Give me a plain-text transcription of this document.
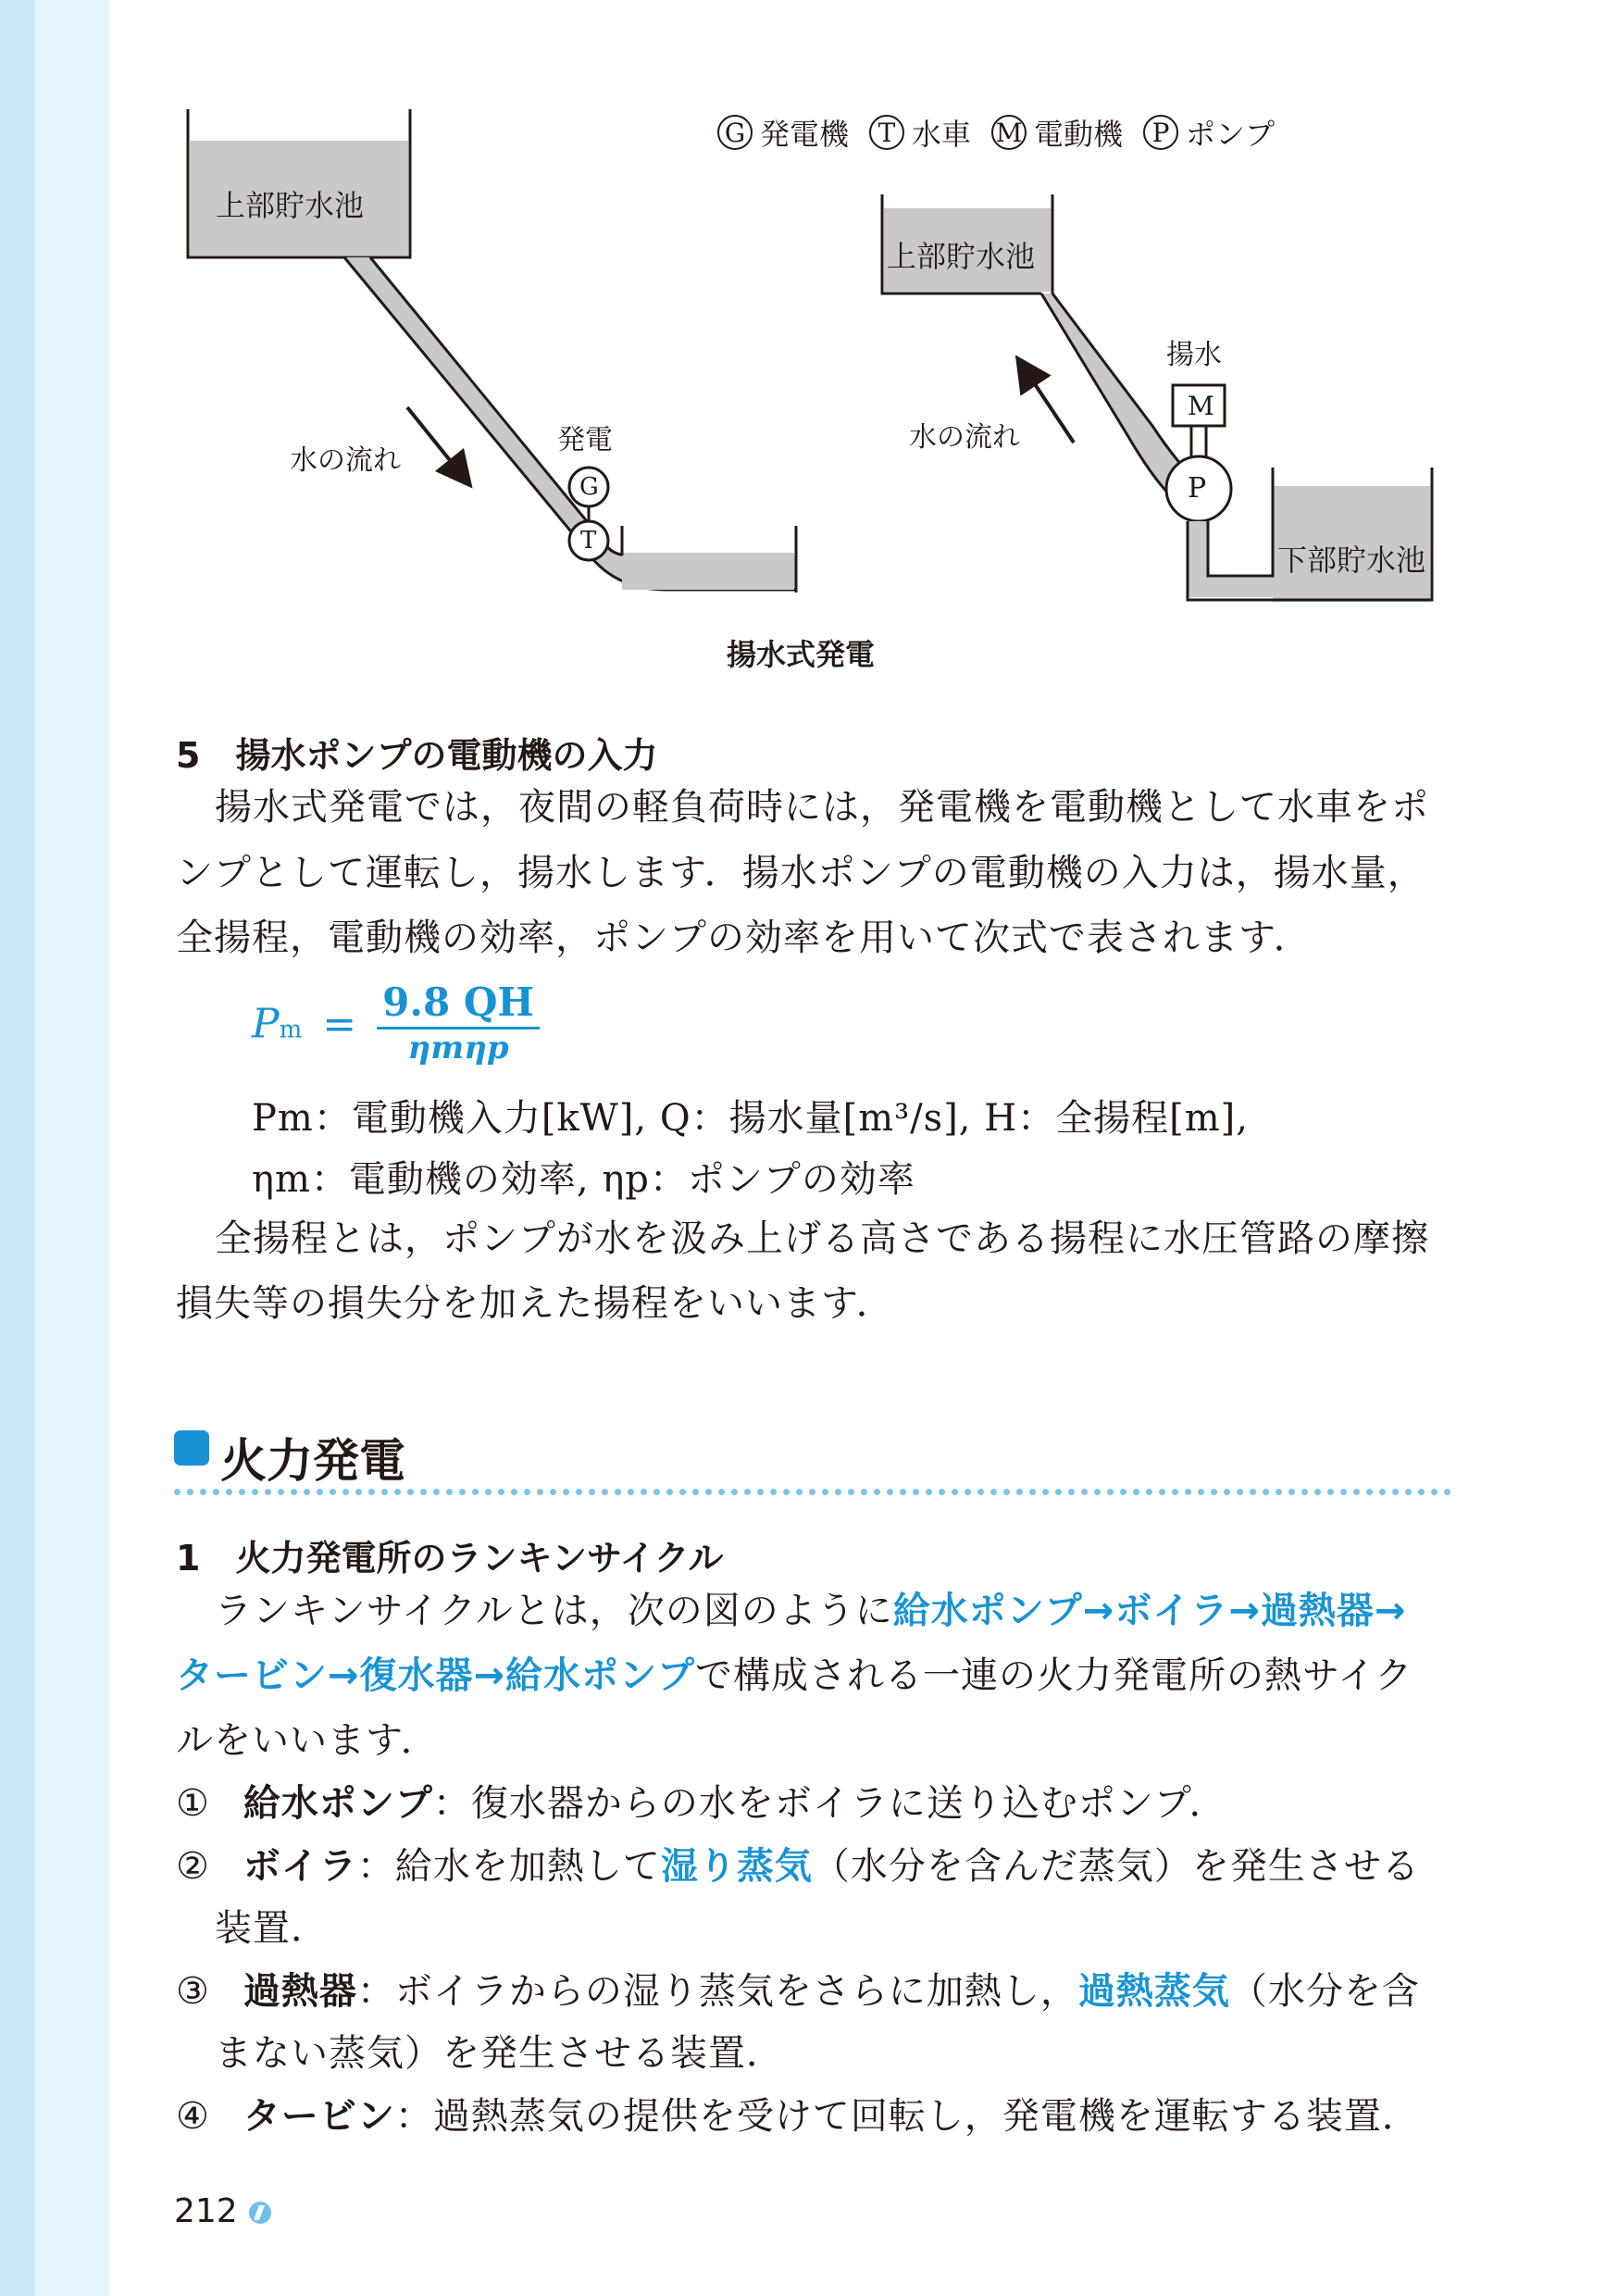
G 発電機	T 水車 M 電動機	P ポンプ
上部貯水池
水の流れ
発電
G
T
上部貯水池
水の流れ
揚水
M
P
下部貯水池
揚水式発電
5　揚水ポンプの電動機の入力
揚水式発電では，夜間の軽負荷時には，発電機を電動機として水車をポ
ンプとして運転し，揚水します．揚水ポンプの電動機の入力は，揚水量，
全揚程，電動機の効率，ポンプの効率を用いて次式で表されます．
Pm = 9.8 QH
ηmηp
Pm：電動機入力[kW], Q：揚水量[m³/s], H：全揚程[m],
ηm：電動機の効率, ηp：ポンプの効率
全揚程とは，ポンプが水を汲み上げる高さである揚程に水圧管路の摩擦
損失等の損失分を加えた揚程をいいます．
火力発電
1　火力発電所のランキンサイクル
ランキンサイクルとは，次の図のように給水ポンプ→ボイラ→過熱器→
タービン→復水器→給水ポンプで構成される一連の火力発電所の熱サイク
ルをいいます．
① 給水ポンプ：復水器からの水をボイラに送り込むポンプ．
② ボイラ：給水を加熱して湿り蒸気（水分を含んだ蒸気）を発生させる
装置．
③ 過熱器：ボイラからの湿り蒸気をさらに加熱し，過熱蒸気（水分を含
まない蒸気）を発生させる装置．
④ タービン：過熱蒸気の提供を受けて回転し，発電機を運転する装置．
212
